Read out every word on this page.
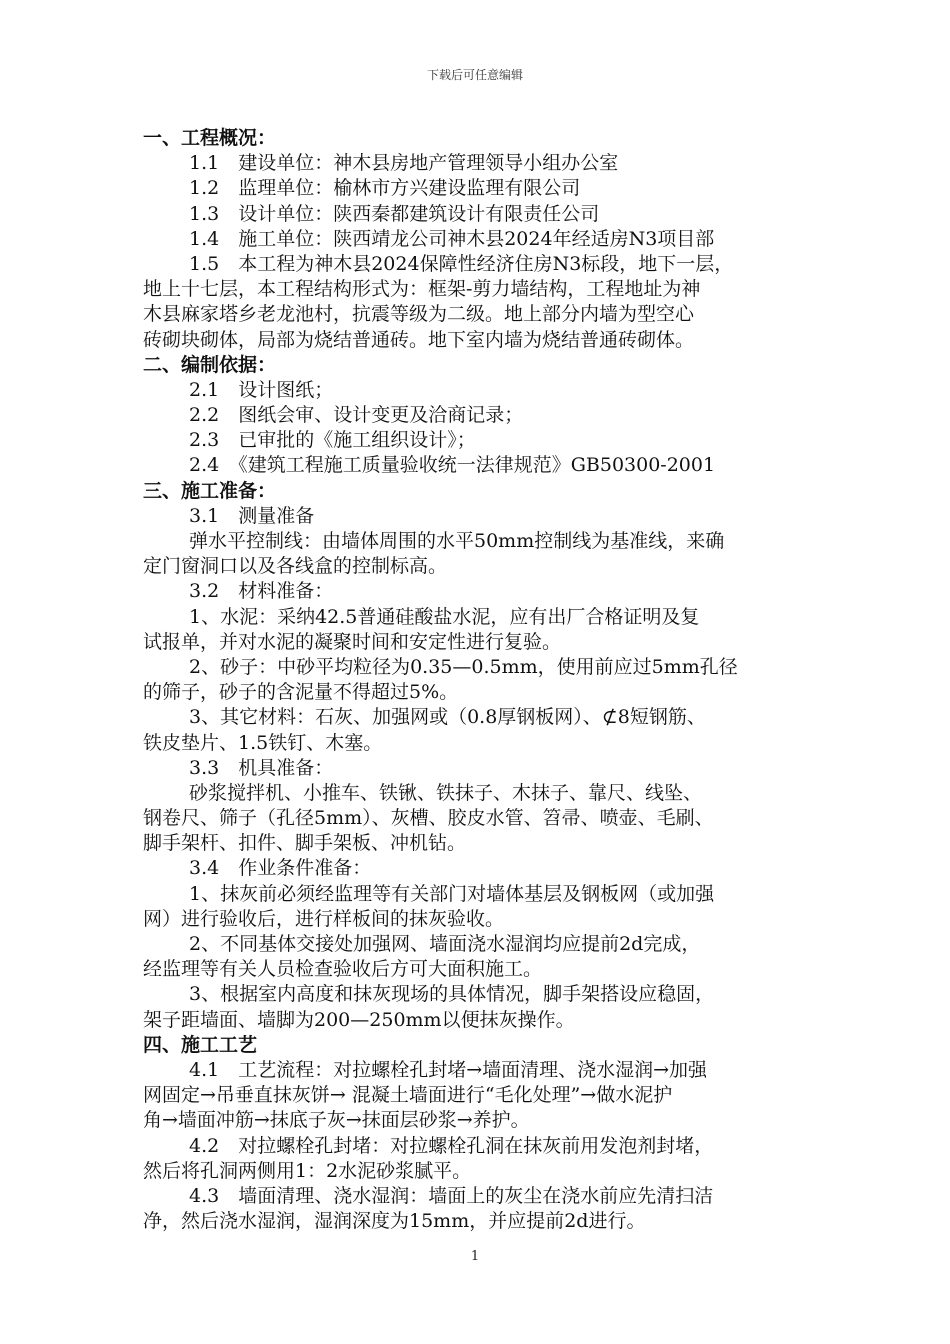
下载后可任意编辑
一、工程概况：
1.1　建设单位：神木县房地产管理领导小组办公室
1.2　监理单位：榆林市方兴建设监理有限公司
1.3　设计单位：陕西秦都建筑设计有限责任公司
1.4　施工单位：陕西靖龙公司神木县2024年经适房N3项目部
1.5　本工程为神木县2024保障性经济住房N3标段，地下一层，
地上十七层，本工程结构形式为：框架-剪力墙结构，工程地址为神
木县麻家塔乡老龙池村，抗震等级为二级。地上部分内墙为型空心
砖砌块砌体，局部为烧结普通砖。地下室内墙为烧结普通砖砌体。
二、编制依据：
2.1　设计图纸；
2.2　图纸会审、设计变更及洽商记录；
2.3　已审批的《施工组织设计》；
2.4　《建筑工程施工质量验收统一法律规范》GB50300-2001
三、施工准备：
3.1　测量准备
弹水平控制线：由墙体周围的水平50mm控制线为基准线，来确
定门窗洞口以及各线盒的控制标高。
3.2　材料准备：
1、水泥：采纳42.5普通硅酸盐水泥，应有出厂合格证明及复
试报单，并对水泥的凝聚时间和安定性进行复验。
2、砂子：中砂平均粒径为0.35—0.5mm，使用前应过5mm孔径
的筛子，砂子的含泥量不得超过5%。
3、其它材料：石灰、加强网或（0.8厚钢板网）、⊄8短钢筋、
铁皮垫片、1.5铁钉、木塞。
3.3　机具准备：
砂浆搅拌机、小推车、铁锹、铁抹子、木抹子、靠尺、线坠、
钢卷尺、筛子（孔径5mm）、灰槽、胶皮水管、笤帚、喷壶、毛刷、
脚手架杆、扣件、脚手架板、冲机钻。
3.4　作业条件准备：
1、抹灰前必须经监理等有关部门对墙体基层及钢板网（或加强
网）进行验收后，进行样板间的抹灰验收。
2、不同基体交接处加强网、墙面浇水湿润均应提前2d完成，
经监理等有关人员检查验收后方可大面积施工。
3、根据室内高度和抹灰现场的具体情况，脚手架搭设应稳固，
架子距墙面、墙脚为200—250mm以便抹灰操作。
四、施工工艺
4.1　工艺流程：对拉螺栓孔封堵→墙面清理、浇水湿润→加强
网固定→吊垂直抹灰饼→ 混凝土墙面进行“毛化处理”→做水泥护
角→墙面冲筋→抹底子灰→抹面层砂浆→养护。
4.2　对拉螺栓孔封堵：对拉螺栓孔洞在抹灰前用发泡剂封堵，
然后将孔洞两侧用1：2水泥砂浆腻平。
4.3　墙面清理、浇水湿润：墙面上的灰尘在浇水前应先清扫洁
净，然后浇水湿润，湿润深度为15mm，并应提前2d进行。
1
